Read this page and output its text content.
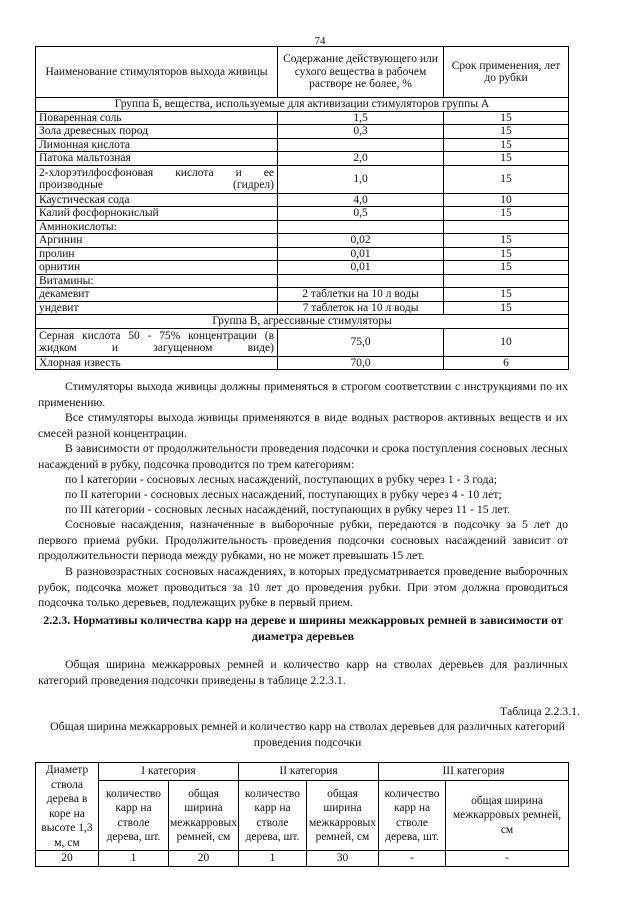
74
Наименование стимуляторов выхода живицы	Содержание действующего или сухого вещества в рабочем растворе не более, %	Срок применения, лет до рубки
Группа Б, вещества, используемые для активизации стимуляторов группы А		
Поваренная соль	1,5	15
Зола древесных пород	0,3	15
Лимонная кислота		15
Патока мальтозная	2,0	15
2-хлорэтилфосфоновая кислота и ее производные (гидрел)	1,0	15
Каустическая сода	4,0	10
Калий фосфорнокислый	0,5	15
Аминокислоты:		
Аргинин	0,02	15
пролин	0,01	15
орнитин	0,01	15
Витамины:		
декамевит	2 таблетки на 10 л воды	15
ундевит	7 таблеток на 10 л воды	15
Группа В, агрессивные стимуляторы		
Серная кислота 50 - 75% концентрации (в жидком и загущенном виде)	75,0	10
Хлорная известь	70,0	6
Стимуляторы выхода живицы должны применяться в строгом соответствии с инструкциями по их применению.
Все стимуляторы выхода живицы применяются в виде водных растворов активных веществ и их смесей разной концентрации.
В зависимости от продолжительности проведения подсочки и срока поступления сосновых лесных насаждений в рубку, подсочка проводится по трем категориям:
по I категории - сосновых лесных насаждений, поступающих в рубку через 1 - 3 года;
по II категории - сосновых лесных насаждений, поступающих в рубку через 4 - 10 лет;
по III категории - сосновых лесных насаждений, поступающих в рубку через 11 - 15 лет.
Сосновые насаждения, назначенные в выборочные рубки, передаются в подсочку за 5 лет до первого приема рубки. Продолжительность проведения подсочки сосновых насаждений зависит от продолжительности периода между рубками, но не может превышать 15 лет.
В разновозрастных сосновых насаждениях, в которых предусматривается проведение выборочных рубок, подсочка может проводиться за 10 лет до проведения рубки. При этом должна проводиться подсочка только деревьев, подлежащих рубке в первый прием.
2.2.3. Нормативы количества карр на дереве и ширины межкарровых ремней в зависимости от диаметра деревьев
Общая ширина межкарровых ремней и количество карр на стволах деревьев для различных категорий проведения подсочки приведены в таблице 2.2.3.1.
Таблица 2.2.3.1.
Общая ширина межкарровых ремней и количество карр на стволах деревьев для различных категорий проведения подсочки
Диаметр ствола дерева в коре на высоте 1,3 м, см	I категория		II категория		III категория	
	количество карр на стволе дерева, шт.	общая ширина межкарровых ремней, см	количество карр на стволе дерева, шт.	общая ширина межкарровых ремней, см	количество карр на стволе дерева, шт.	общая ширина межкарровых ремней, см
20	1	20	1	30	-	-
